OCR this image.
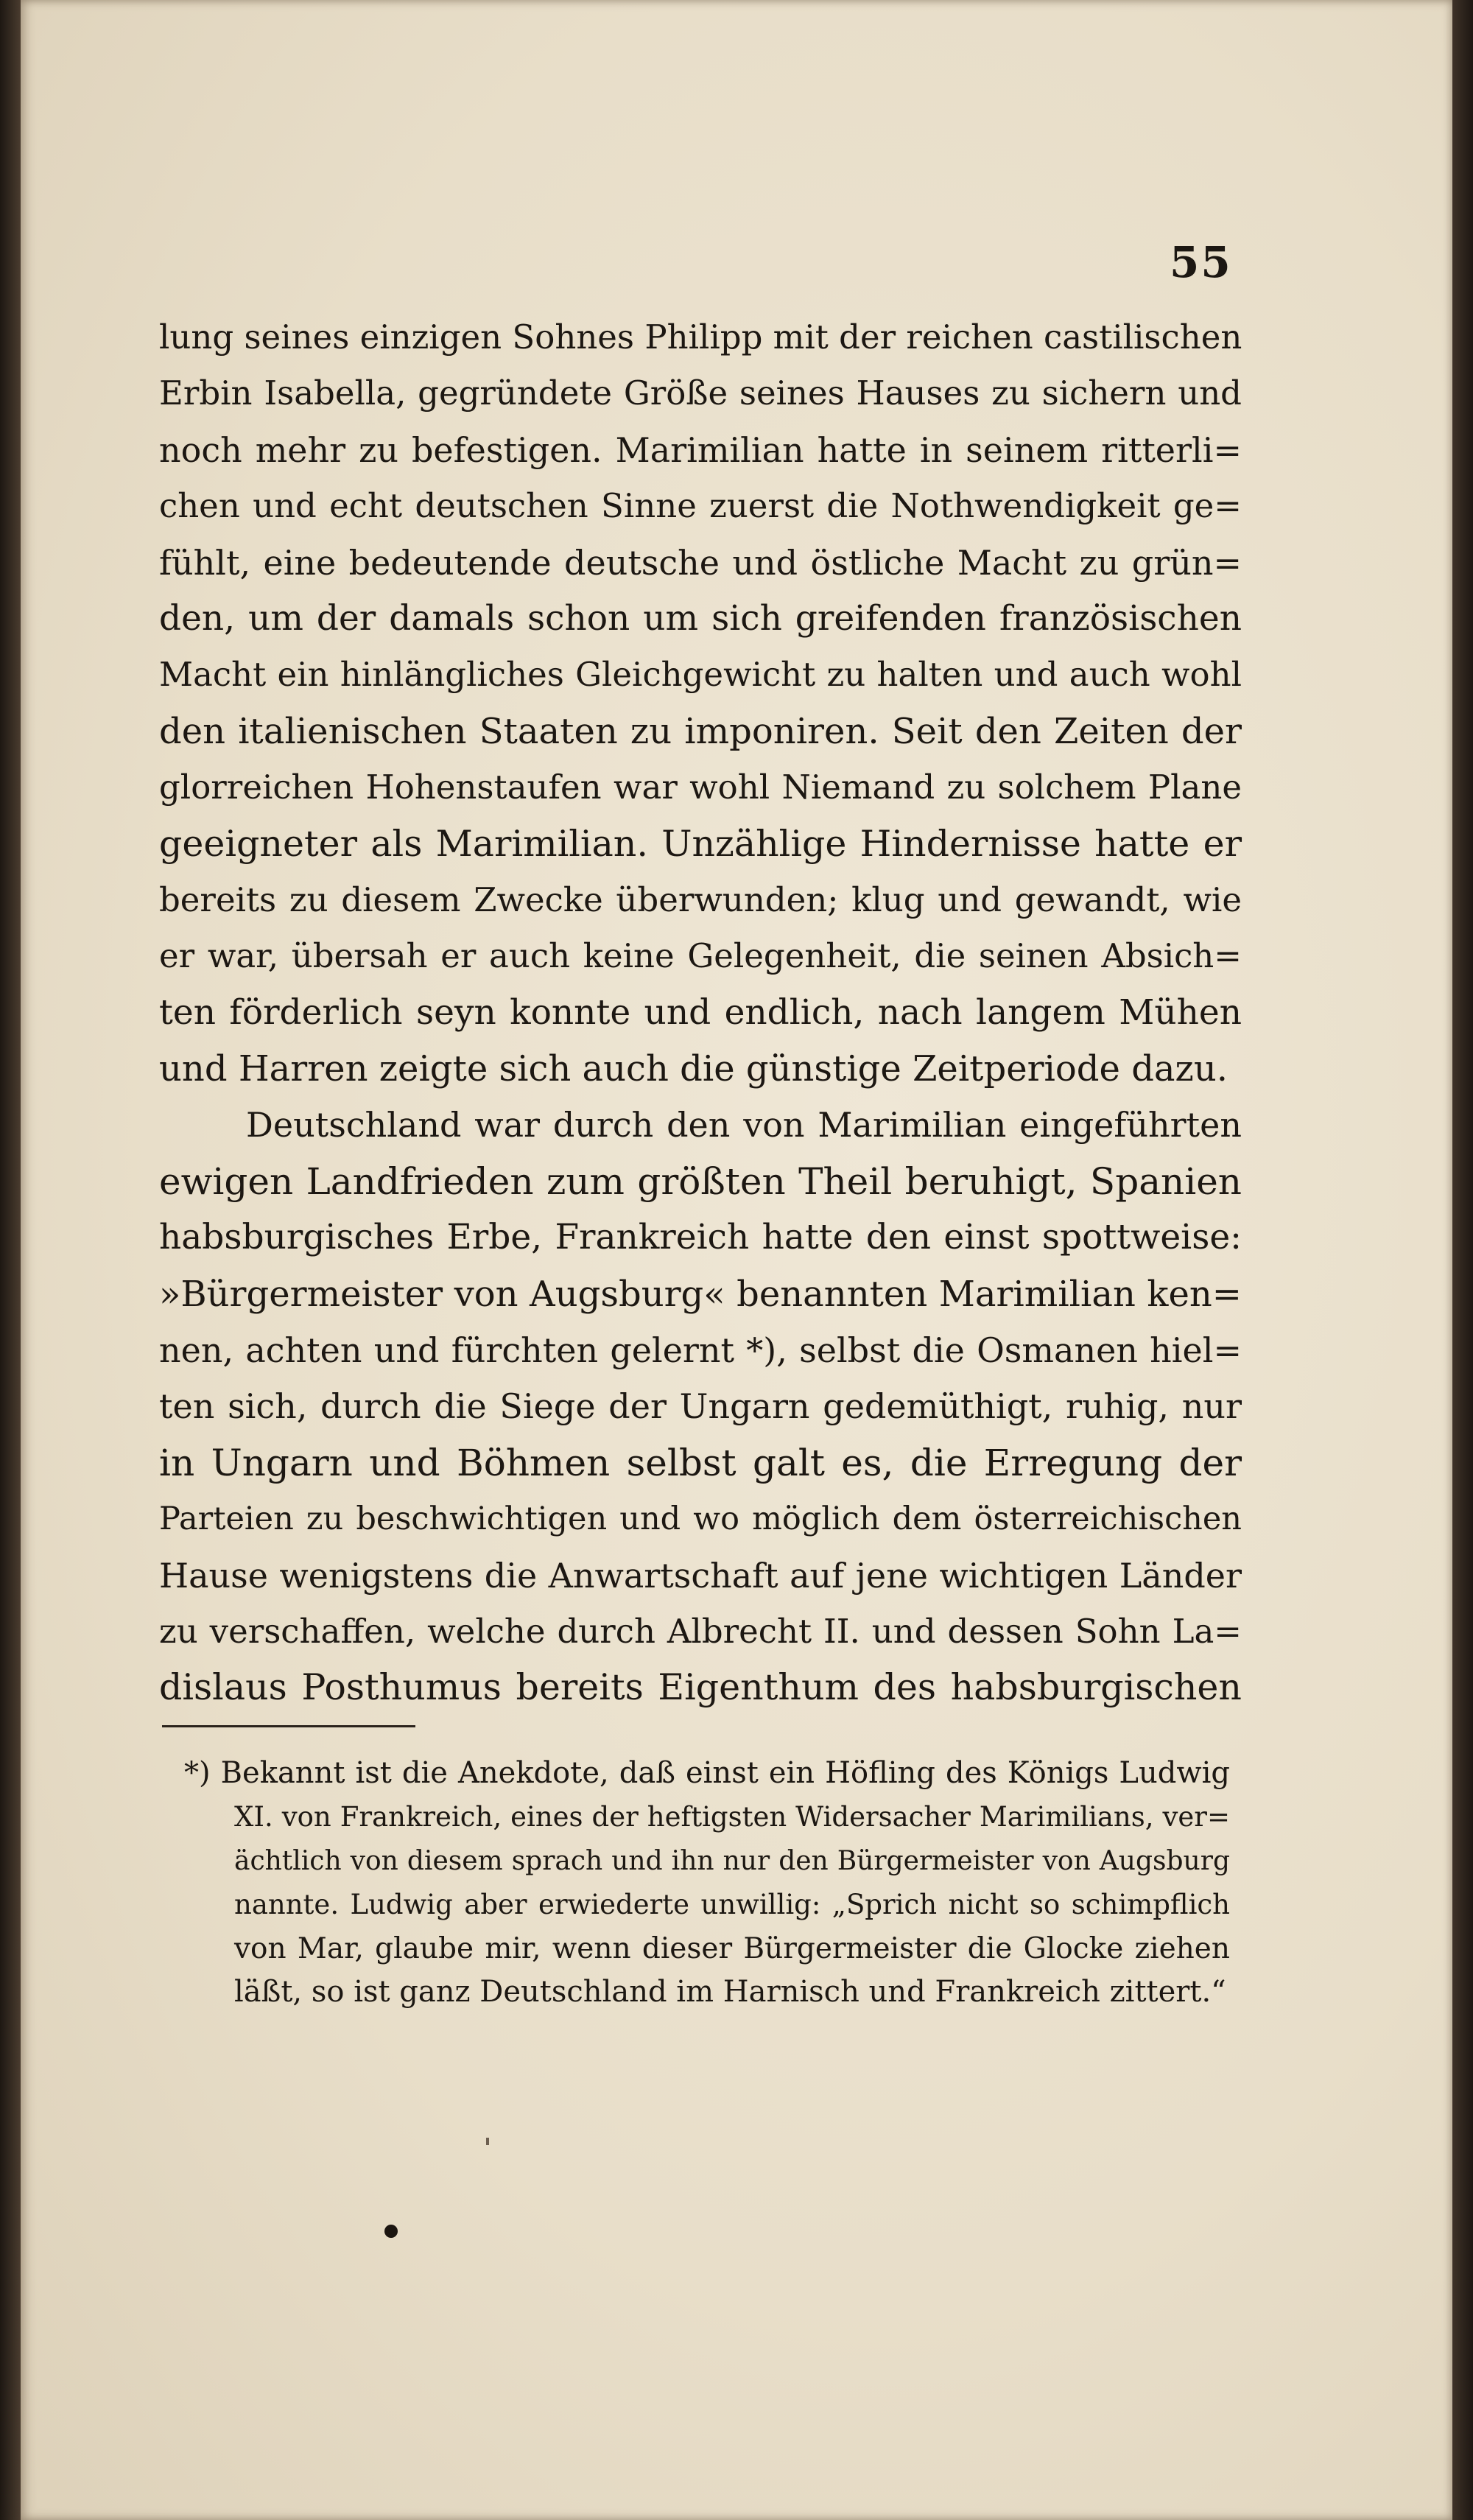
55
lung seines einzigen Sohnes Philipp mit der reichen castilischen
Erbin Isabella, gegründete Größe seines Hauses zu sichern und
noch mehr zu befestigen. Marimilian hatte in seinem ritterli=
chen und echt deutschen Sinne zuerst die Nothwendigkeit ge=
fühlt, eine bedeutende deutsche und östliche Macht zu grün=
den, um der damals schon um sich greifenden französischen
Macht ein hinlängliches Gleichgewicht zu halten und auch wohl
den italienischen Staaten zu imponiren. Seit den Zeiten der
glorreichen Hohenstaufen war wohl Niemand zu solchem Plane
geeigneter als Marimilian. Unzählige Hindernisse hatte er
bereits zu diesem Zwecke überwunden; klug und gewandt, wie
er war, übersah er auch keine Gelegenheit, die seinen Absich=
ten förderlich seyn konnte und endlich, nach langem Mühen
und Harren zeigte sich auch die günstige Zeitperiode dazu.
Deutschland war durch den von Marimilian eingeführten
ewigen Landfrieden zum größten Theil beruhigt, Spanien
habsburgisches Erbe, Frankreich hatte den einst spottweise:
»Bürgermeister von Augsburg« benannten Marimilian ken=
nen, achten und fürchten gelernt *), selbst die Osmanen hiel=
ten sich, durch die Siege der Ungarn gedemüthigt, ruhig, nur
in Ungarn und Böhmen selbst galt es, die Erregung der
Parteien zu beschwichtigen und wo möglich dem österreichischen
Hause wenigstens die Anwartschaft auf jene wichtigen Länder
zu verschaffen, welche durch Albrecht II. und dessen Sohn La=
dislaus Posthumus bereits Eigenthum des habsburgischen
*) Bekannt ist die Anekdote, daß einst ein Höfling des Königs Ludwig
XI. von Frankreich, eines der heftigsten Widersacher Marimilians, ver=
ächtlich von diesem sprach und ihn nur den Bürgermeister von Augsburg
nannte. Ludwig aber erwiederte unwillig: „Sprich nicht so schimpflich
von Mar, glaube mir, wenn dieser Bürgermeister die Glocke ziehen
läßt, so ist ganz Deutschland im Harnisch und Frankreich zittert.“
